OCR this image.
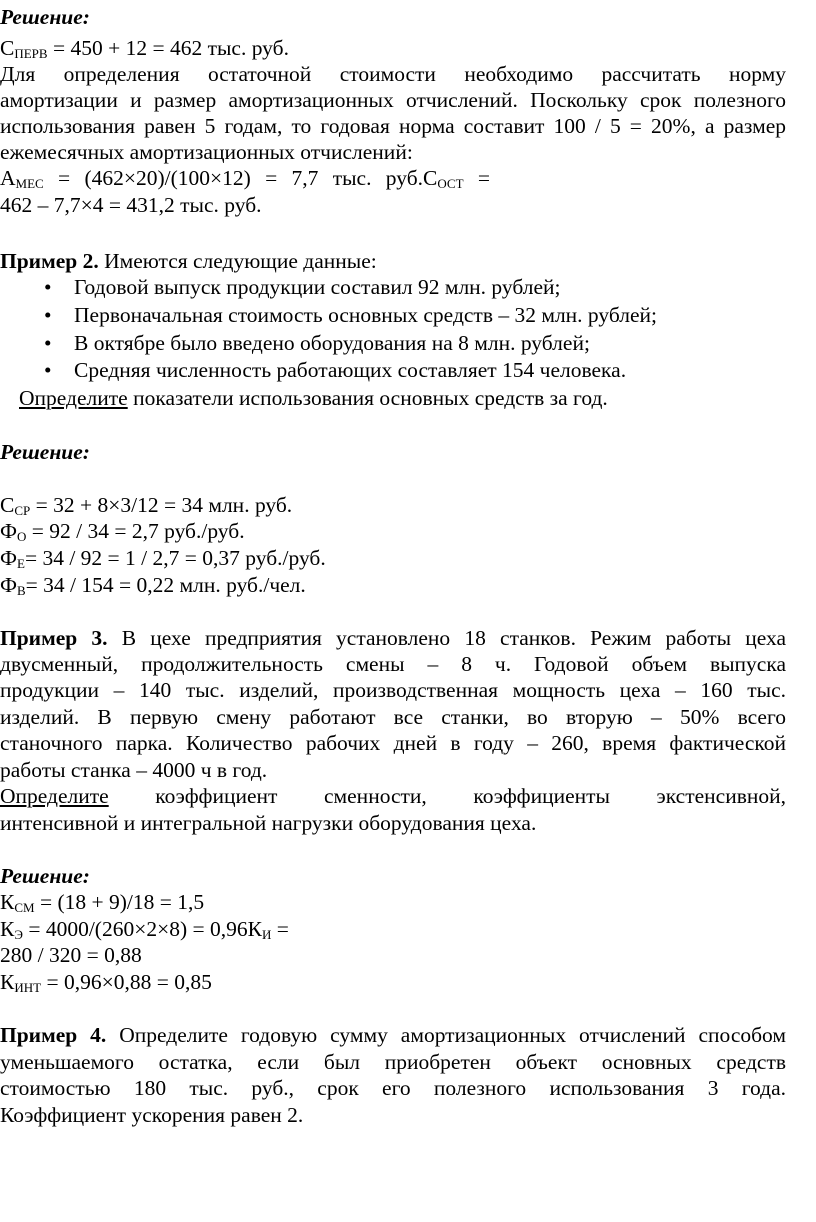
Решение:
$С_{ПЕРВ} = 450 + 12 = 462$ тыс. руб.
Для определения остаточной стоимости необходимо рассчитать норму
амортизации и размер амортизационных отчислений. Поскольку срок полезного
использования равен 5 годам, то годовая норма составит 100 / 5 = 20%, а размер
ежемесячных амортизационных отчислений:
$А_{МЕС} = (462\times 20)/(100\times 12) = 7,7$ тыс. $руб.С_{ОСТ}$ =
462 – 7,7×4 = 431,2 тыс. руб.
Пример 2. Имеются следующие данные:
• Годовой выпуск продукции составил 92 млн. рублей;
• Первоначальная стоимость основных средств – 32 млн. рублей;
• В октябре было введено оборудования на 8 млн. рублей;
• Средняя численность работающих составляет 154 человека.
Определите показатели использования основных средств за год.
Решение:
$С_{СР} = 32 + 8\times 3/12 = 34$ млн. руб.
$Ф_О = 92 / 34 = 2,7$ руб./руб.
$Ф_Е= 34 / 92 = 1 / 2,7 = 0,37$ руб./руб.
$Ф_В= 34 / 154 = 0,22$ млн. руб./чел.
Пример 3. В цехе предприятия установлено 18 станков. Режим работы цеха
двусменный, продолжительность смены – 8 ч. Годовой объем выпуска
продукции – 140 тыс. изделий, производственная мощность цеха – 160 тыс.
изделий. В первую смену работают все станки, во вторую – 50% всего
станочного парка. Количество рабочих дней в году – 260, время фактической
работы станка – 4000 ч в год.
Определите коэффициент сменности, коэффициенты экстенсивной,
интенсивной и интегральной нагрузки оборудования цеха.
Решение:
$К_{СМ} = (18 + 9)/18 = 1,5$
$К_Э = 4000/(260\times 2\times 8) = 0,96К_И$ =
280 / 320 = 0,88
$К_{ИНТ} = 0,96\times 0,88 = 0,85$
Пример 4. Определите годовую сумму амортизационных отчислений способом
уменьшаемого остатка, если был приобретен объект основных средств
стоимостью 180 тыс. руб., срок его полезного использования 3 года.
Коэффициент ускорения равен 2.
